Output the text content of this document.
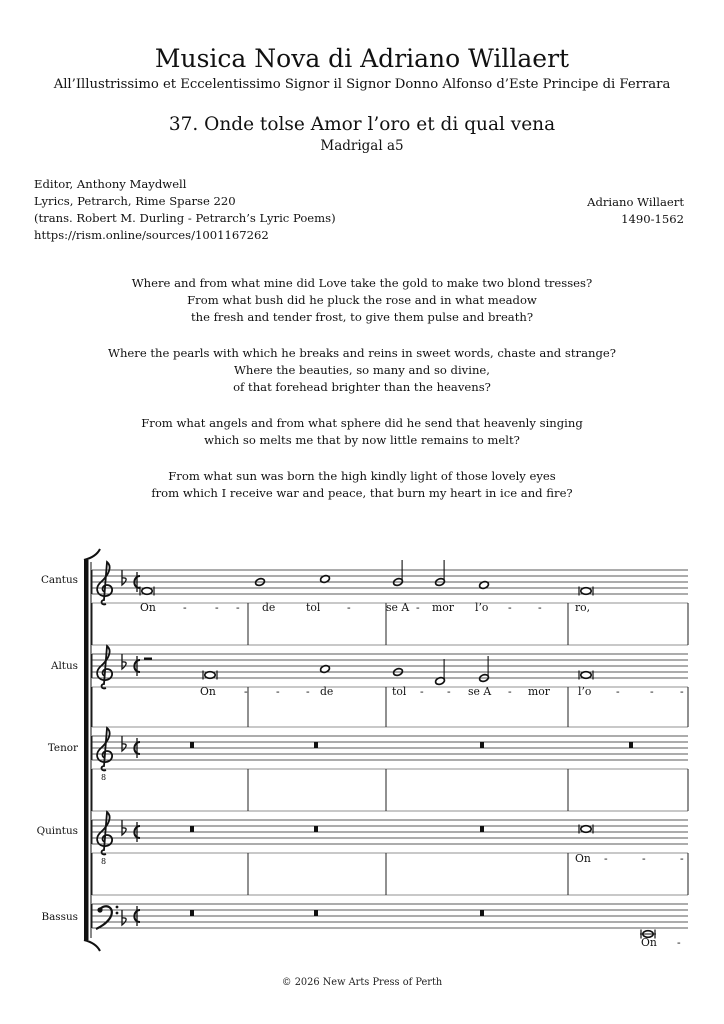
Musica Nova di Adriano Willaert
All’Illustrissimo et Eccelentissimo Signor il Signor Donno Alfonso d’Este Principe di Ferrara
37. Onde tolse Amor l’oro et di qual vena
Madrigal a5
Editor, Anthony Maydwell
Lyrics, Petrarch, Rime Sparse 220
(trans. Robert M. Durling - Petrarch’s Lyric Poems)
https://rism.online/sources/1001167262
Adriano Willaert
1490-1562
Where and from what mine did Love take the gold to make two blond tresses?
From what bush did he pluck the rose and in what meadow
the fresh and tender frost, to give them pulse and breath?
Where the pearls with which he breaks and reins in sweet words, chaste and strange?
Where the beauties, so many and so divine,
of that forehead brighter than the heavens?
From what angels and from what sphere did he send that heavenly singing
which so melts me that by now little remains to melt?
From what sun was born the high kindly light of those lovely eyes
from which I receive war and peace, that burn my heart in ice and fire?
Cantus
Altus
Tenor
Quintus
Bassus
8
8
On	-	- - de	tol -	se A - mor l’o - -	ro,
On	-	- - de	tol - - se A - mor	l’o -	- -
On -	-	-
On -
© 2026 New Arts Press of Perth
